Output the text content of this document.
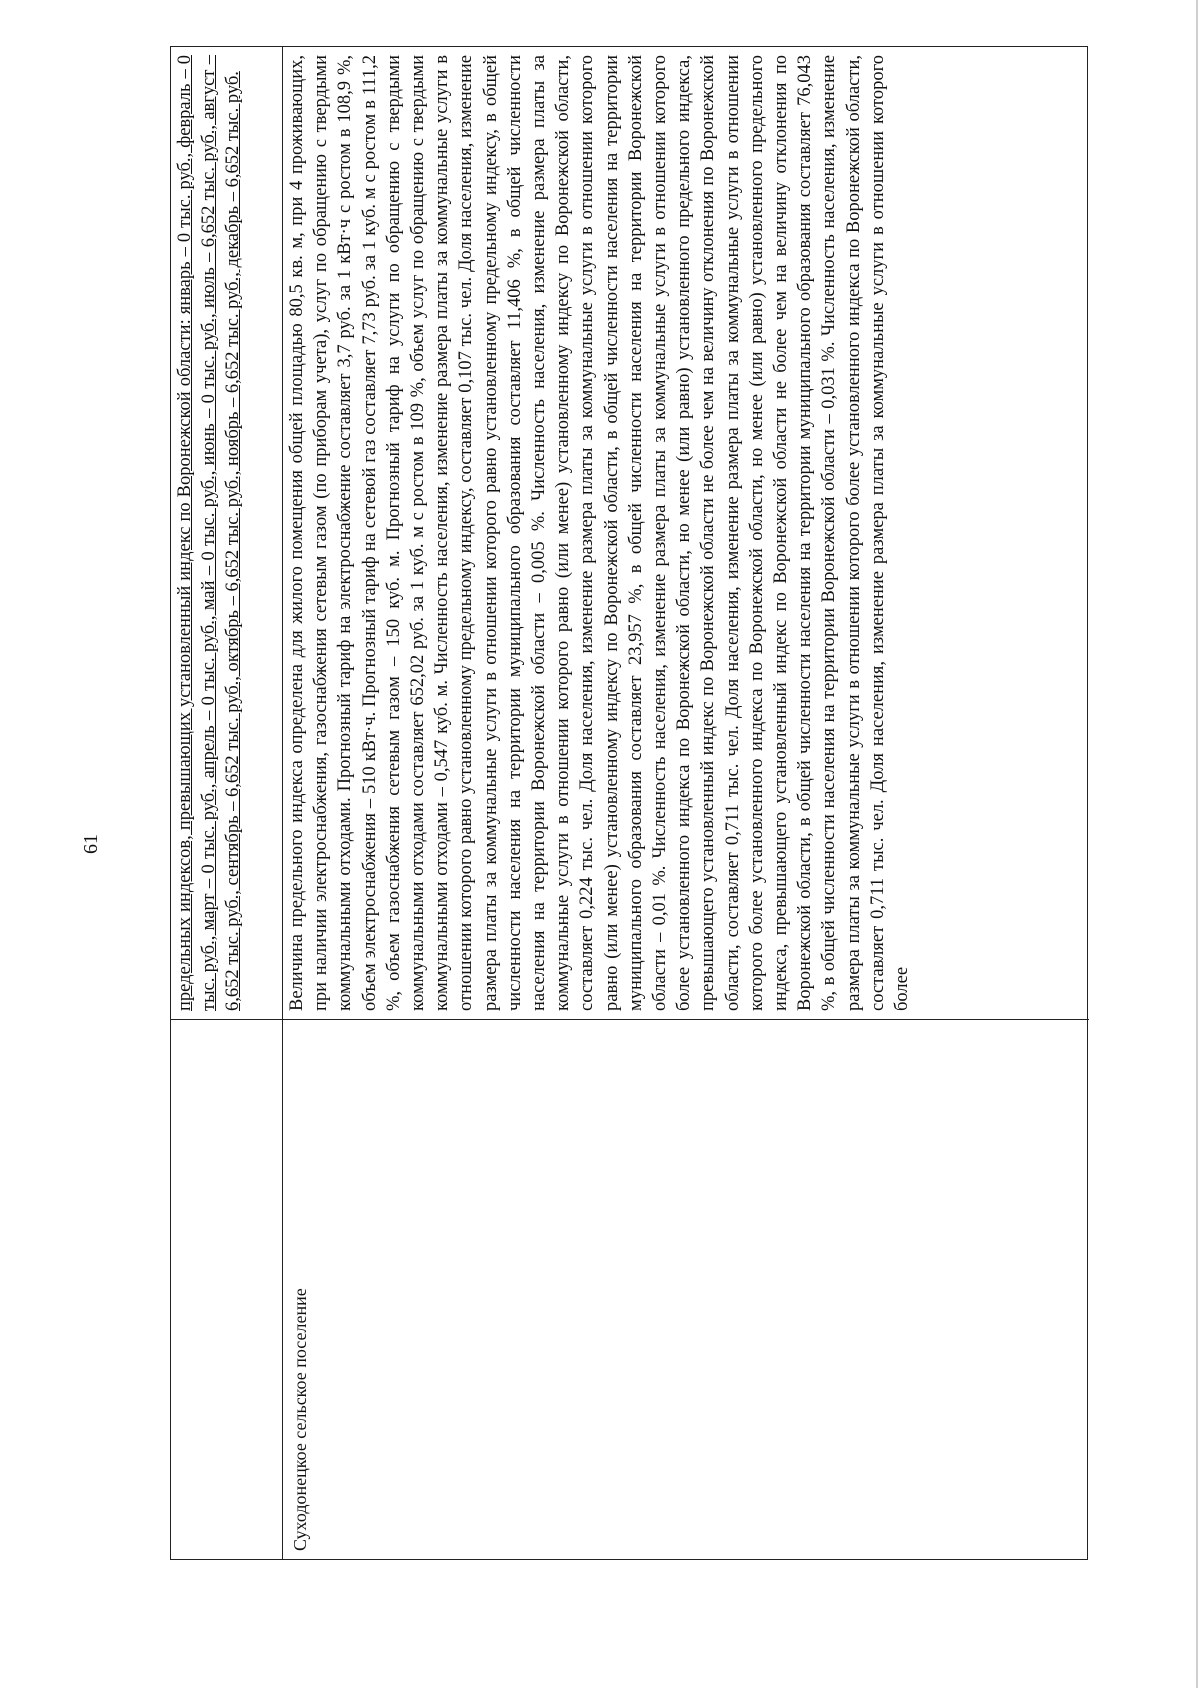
61	предельных индексов, превышающих установленный индекс по Воронежской области: январь – 0 тыс. руб., февраль – 0 тыс. руб., март – 0 тыс. руб., апрель – 0 тыс. руб., май – 0 тыс. руб., июнь – 0 тыс. руб., июль – 6,652 тыс. руб., август – 6,652 тыс. руб., сентябрь – 6,652 тыс. руб., октябрь – 6,652 тыс. руб., ноябрь – 6,652 тыс. руб., декабрь – 6,652 тыс. руб.
Суходонецкое сельское поселение
Величина предельного индекса определена для жилого помещения общей площадью 80,5 кв. м, при 4 проживающих, при наличии электроснабжения, газоснабжения сетевым газом (по приборам учета), услуг по обращению с твердыми коммунальными отходами. Прогнозный тариф на электроснабжение составляет 3,7 руб. за 1 кВт·ч с ростом в 108,9 %, объем электроснабжения – 510 кВт·ч. Прогнозный тариф на сетевой газ составляет 7,73 руб. за 1 куб. м с ростом в 111,2 %, объем газоснабжения сетевым газом – 150 куб. м. Прогнозный тариф на услуги по обращению с твердыми коммунальными отходами составляет 652,02 руб. за 1 куб. м с ростом в 109 %, объем услуг по обращению с твердыми коммунальными отходами – 0,547 куб. м. Численность населения, изменение размера платы за коммунальные услуги в отношении которого равно установленному предельному индексу, составляет 0,107 тыс. чел. Доля населения, изменение размера платы за коммунальные услуги в отношении которого равно установленному предельному индексу, в общей численности населения на территории муниципального образования составляет 11,406 %, в общей численности населения на территории Воронежской области – 0,005 %. Численность населения, изменение размера платы за коммунальные услуги в отношении которого равно (или менее) установленному индексу по Воронежской области, составляет 0,224 тыс. чел. Доля населения, изменение размера платы за коммунальные услуги в отношении которого равно (или менее) установленному индексу по Воронежской области, в общей численности населения на территории муниципального образования составляет 23,957 %, в общей численности населения на территории Воронежской области – 0,01 %. Численность населения, изменение размера платы за коммунальные услуги в отношении которого более установленного индекса по Воронежской области, но менее (или равно) установленного предельного индекса, превышающего установленный индекс по Воронежской области не более чем на величину отклонения по Воронежской области, составляет 0,711 тыс. чел. Доля населения, изменение размера платы за коммунальные услуги в отношении которого более установленного индекса по Воронежской области, но менее (или равно) установленного предельного индекса, превышающего установленный индекс по Воронежской области не более чем на величину отклонения по Воронежской области, в общей численности населения на территории муниципального образования составляет 76,043 %, в общей численности населения на территории Воронежской области – 0,031 %. Численность населения, изменение размера платы за коммунальные услуги в отношении которого более установленного индекса по Воронежской области, составляет 0,711 тыс. чел. Доля населения, изменение размера платы за коммунальные услуги в отношении которого более
